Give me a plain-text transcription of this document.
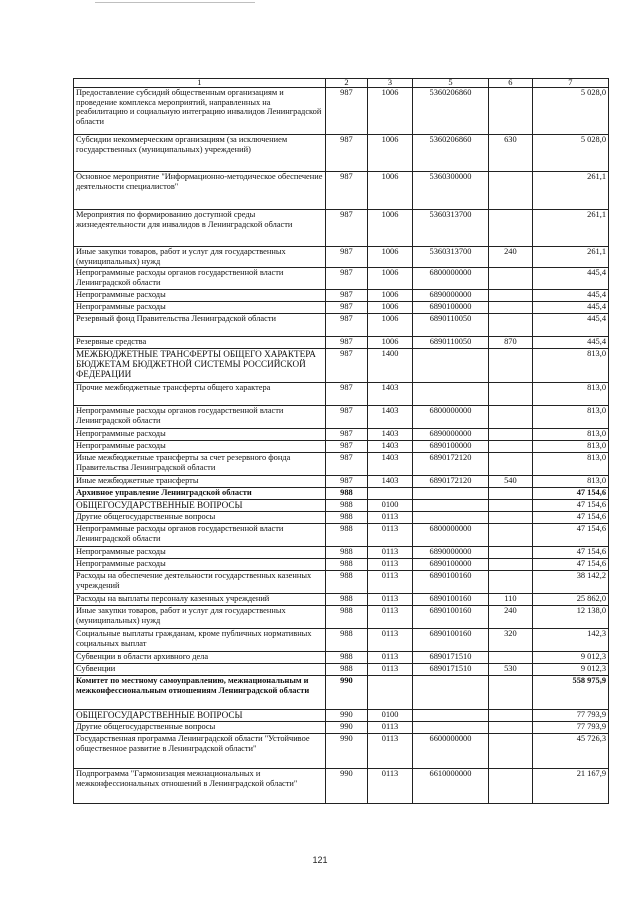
1	2	3	5	6	7
Предоставление субсидий общественным организациям и проведение комплекса мероприятий, направленных на реабилитацию и социальную интеграцию инвалидов Ленинградской области	987	1006	5360206860		5 028,0
Субсидии некоммерческим организациям (за исключением государственных (муниципальных) учреждений)	987	1006	5360206860	630	5 028,0
Основное мероприятие "Информационно-методическое обеспечение деятельности специалистов"	987	1006	5360300000		261,1
Мероприятия по формированию доступной среды жизнедеятельности для инвалидов в Ленинградской области	987	1006	5360313700		261,1
Иные закупки товаров, работ и услуг для государственных (муниципальных) нужд	987	1006	5360313700	240	261,1
Непрограммные расходы органов государственной власти Ленинградской области	987	1006	6800000000		445,4
Непрограммные расходы	987	1006	6890000000		445,4
Непрограммные расходы	987	1006	6890100000		445,4
Резервный фонд Правительства Ленинградской области	987	1006	6890110050		445,4
Резервные средства	987	1006	6890110050	870	445,4
МЕЖБЮДЖЕТНЫЕ ТРАНСФЕРТЫ ОБЩЕГО ХАРАКТЕРА БЮДЖЕТАМ БЮДЖЕТНОЙ СИСТЕМЫ РОССИЙСКОЙ ФЕДЕРАЦИИ	987	1400			813,0
Прочие межбюджетные трансферты общего характера	987	1403			813,0
Непрограммные расходы органов государственной власти Ленинградской области	987	1403	6800000000		813,0
Непрограммные расходы	987	1403	6890000000		813,0
Непрограммные расходы	987	1403	6890100000		813,0
Иные межбюджетные трансферты за счет резервного фонда Правительства Ленинградской области	987	1403	6890172120		813,0
Иные межбюджетные трансферты	987	1403	6890172120	540	813,0
Архивное управление Ленинградской области	988				47 154,6
ОБЩЕГОСУДАРСТВЕННЫЕ ВОПРОСЫ	988	0100			47 154,6
Другие общегосударственные вопросы	988	0113			47 154,6
Непрограммные расходы органов государственной власти Ленинградской области	988	0113	6800000000		47 154,6
Непрограммные расходы	988	0113	6890000000		47 154,6
Непрограммные расходы	988	0113	6890100000		47 154,6
Расходы на обеспечение деятельности государственных казенных учреждений	988	0113	6890100160		38 142,2
Расходы на выплаты персоналу казенных учреждений	988	0113	6890100160	110	25 862,0
Иные закупки товаров, работ и услуг для государственных (муниципальных) нужд	988	0113	6890100160	240	12 138,0
Социальные выплаты гражданам, кроме публичных нормативных социальных выплат	988	0113	6890100160	320	142,3
Субвенции в области архивного дела	988	0113	6890171510		9 012,3
Субвенции	988	0113	6890171510	530	9 012,3
Комитет по местному самоуправлению, межнациональным и межконфессиональным отношениям Ленинградской области	990				558 975,9
ОБЩЕГОСУДАРСТВЕННЫЕ ВОПРОСЫ	990	0100			77 793,9
Другие общегосударственные вопросы	990	0113			77 793,9
Государственная программа Ленинградской области "Устойчивое общественное развитие в Ленинградской области"	990	0113	6600000000		45 726,3
Подпрограмма "Гармонизация межнациональных и межконфессиональных отношений в Ленинградской области"	990	0113	6610000000		21 167,9
121
